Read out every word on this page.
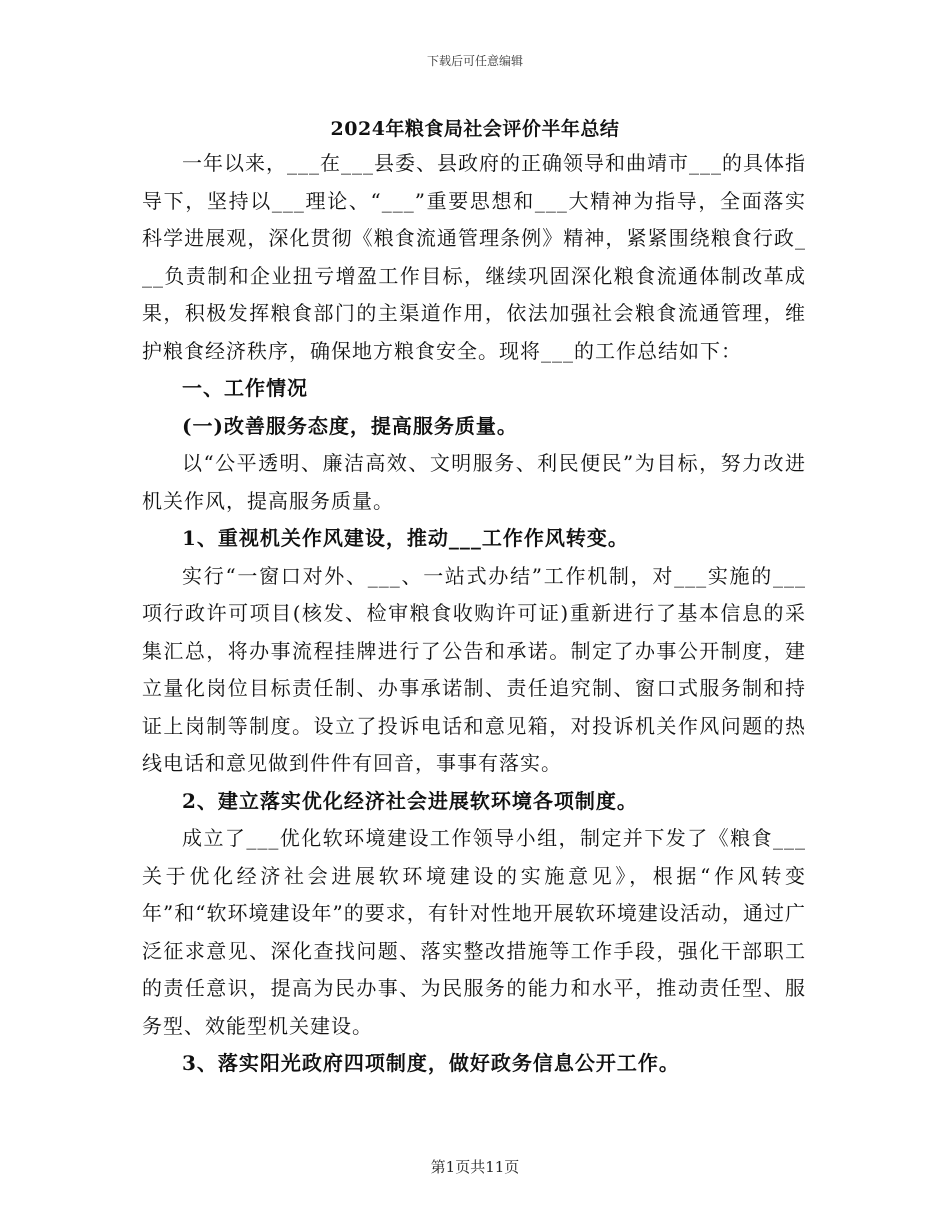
下载后可任意编辑
2024年粮食局社会评价半年总结

一年以来，___在___县委、县政府的正确领导和曲靖市___的具体指导下，坚持以___理论、“___”重要思想和___大精神为指导，全面落实科学进展观，深化贯彻《粮食流通管理条例》精神，紧紧围绕粮食行政___负责制和企业扭亏增盈工作目标，继续巩固深化粮食流通体制改革成果，积极发挥粮食部门的主渠道作用，依法加强社会粮食流通管理，维护粮食经济秩序，确保地方粮食安全。现将___的工作总结如下：

一、工作情况

(一)改善服务态度，提高服务质量。

以“公平透明、廉洁高效、文明服务、利民便民”为目标，努力改进机关作风，提高服务质量。

1、重视机关作风建设，推动___工作作风转变。

实行“一窗口对外、___、一站式办结”工作机制，对___实施的___项行政许可项目(核发、检审粮食收购许可证)重新进行了基本信息的采集汇总，将办事流程挂牌进行了公告和承诺。制定了办事公开制度，建立量化岗位目标责任制、办事承诺制、责任追究制、窗口式服务制和持证上岗制等制度。设立了投诉电话和意见箱，对投诉机关作风问题的热线电话和意见做到件件有回音，事事有落实。

2、建立落实优化经济社会进展软环境各项制度。

成立了___优化软环境建设工作领导小组，制定并下发了《粮食___关于优化经济社会进展软环境建设的实施意见》，根据“作风转变年”和“软环境建设年”的要求，有针对性地开展软环境建设活动，通过广泛征求意见、深化查找问题、落实整改措施等工作手段，强化干部职工的责任意识，提高为民办事、为民服务的能力和水平，推动责任型、服务型、效能型机关建设。

3、落实阳光政府四项制度，做好政务信息公开工作。

第1页共11页
